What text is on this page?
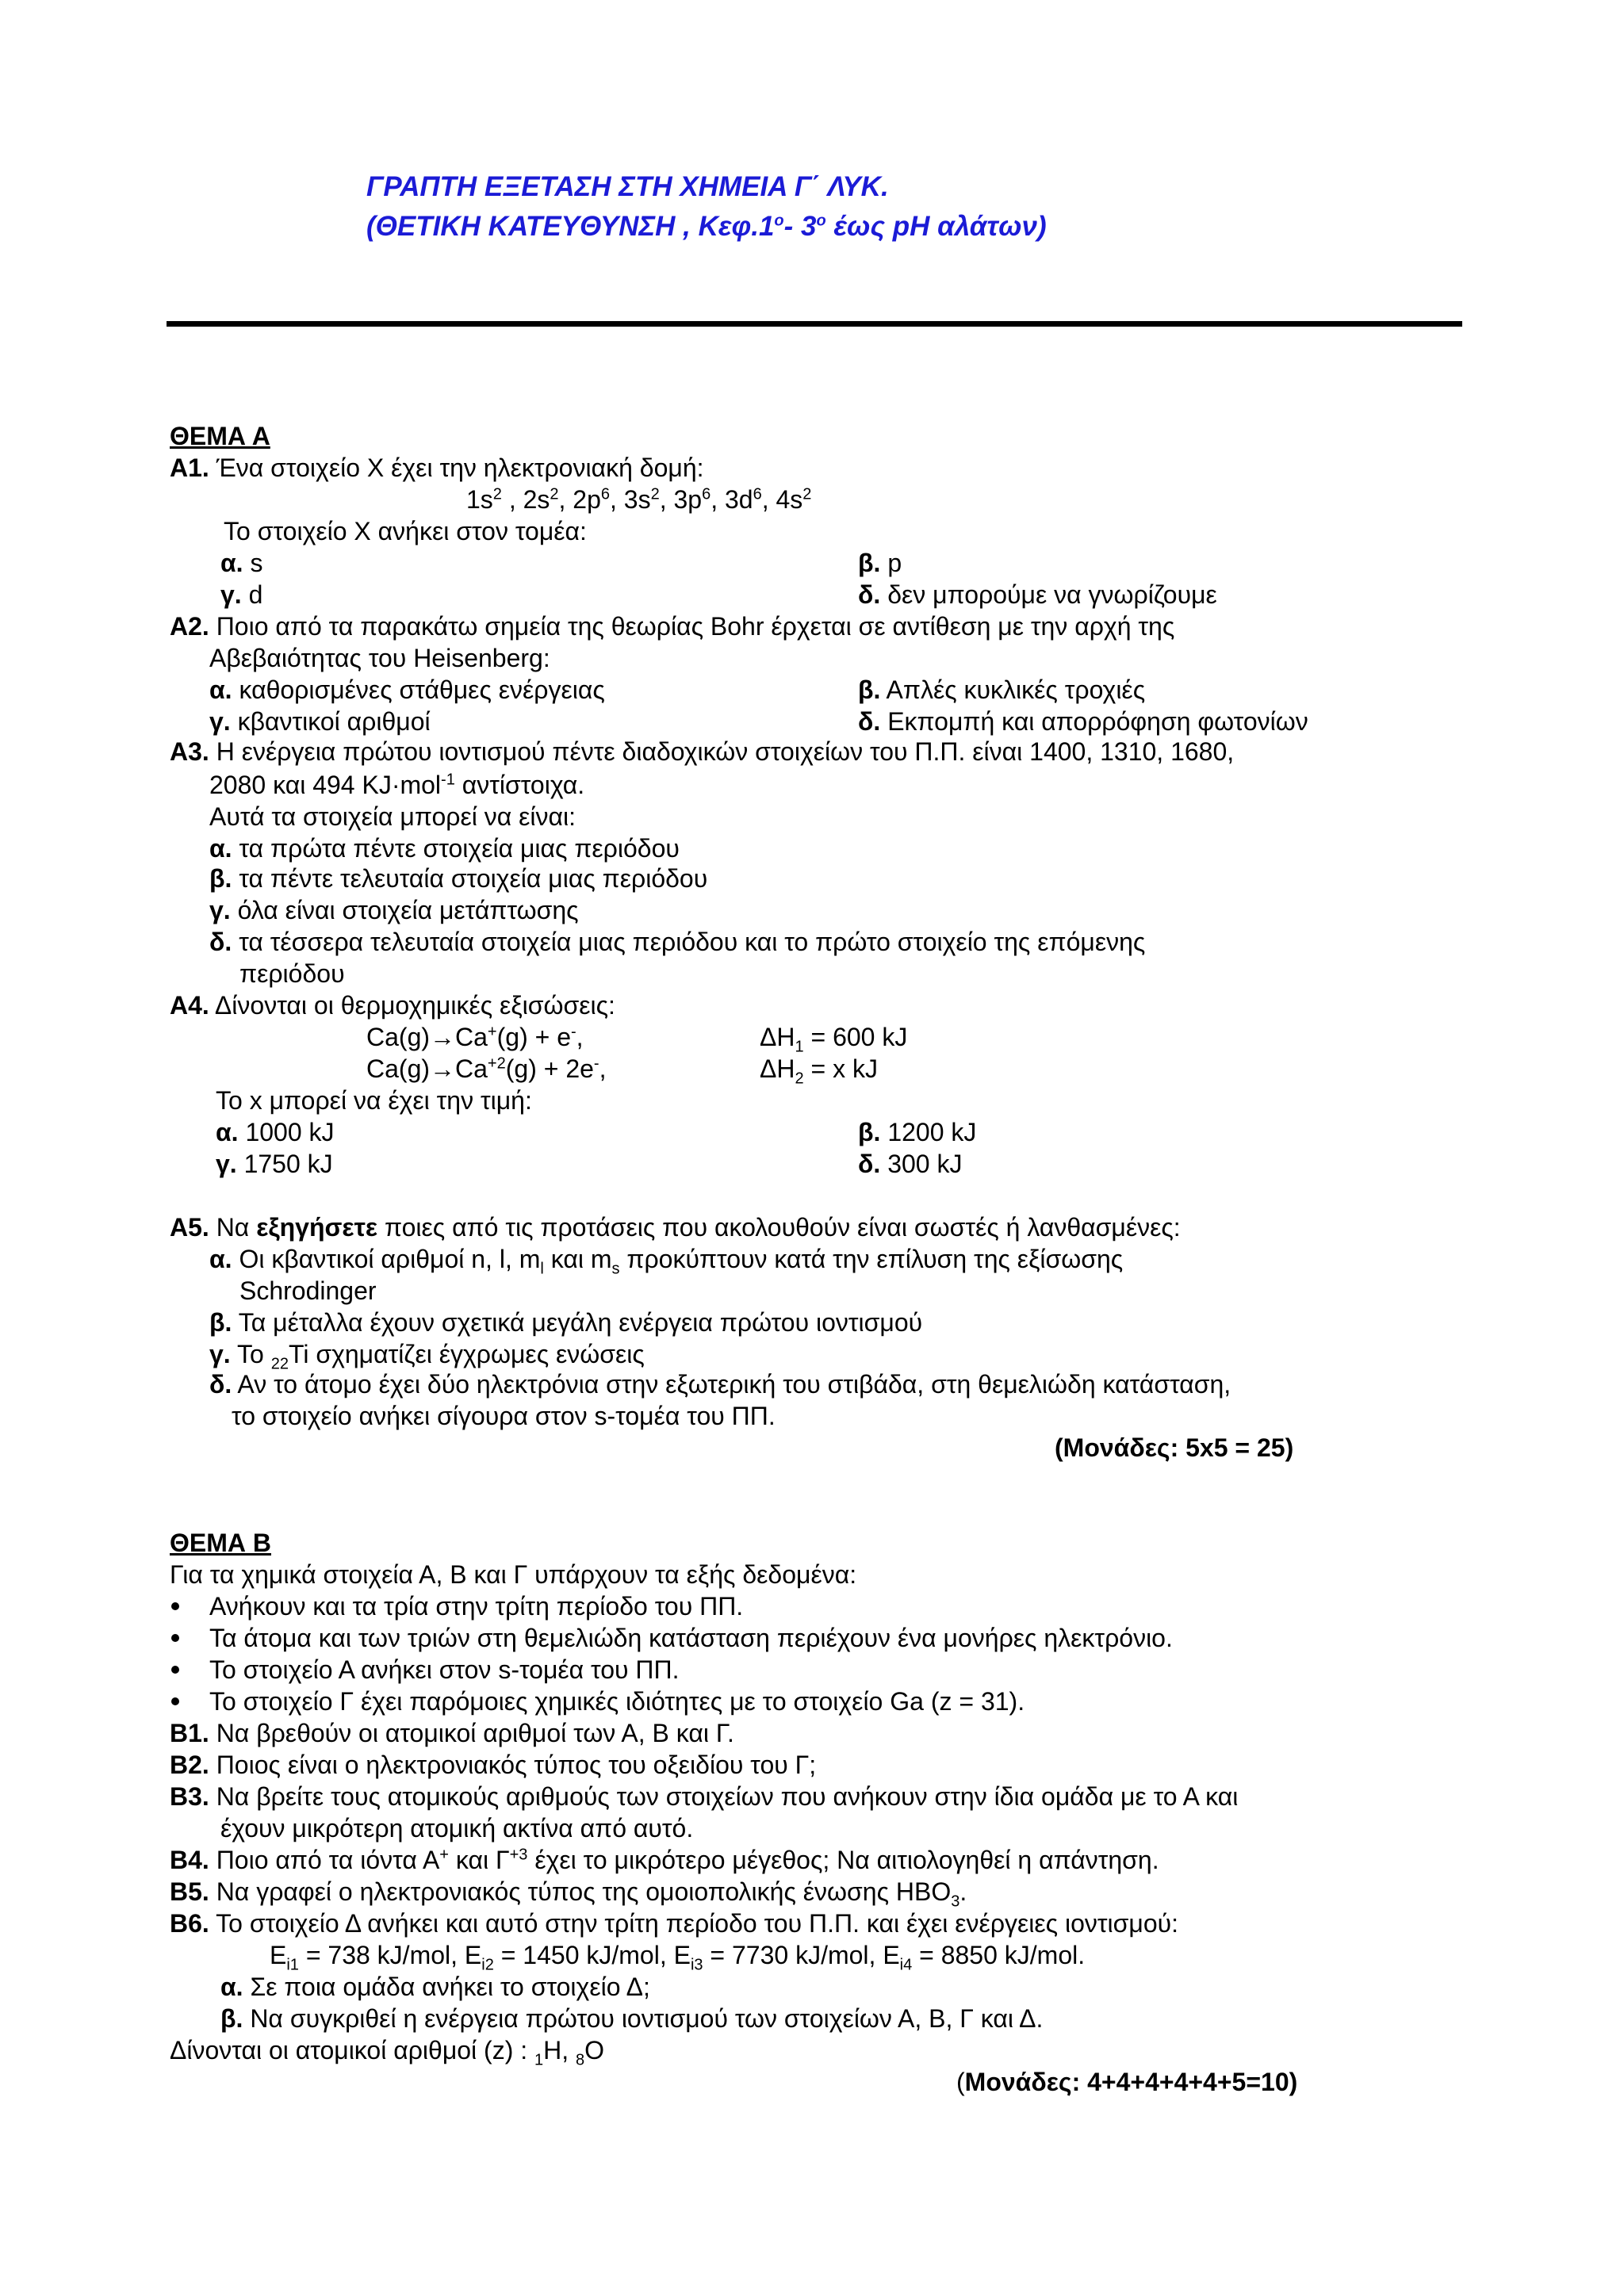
ΓΡΑΠΤΗ ΕΞΕΤΑΣΗ ΣΤΗ ΧΗΜΕΙΑ Γ΄ ΛΥΚ.
(ΘΕΤΙΚΗ ΚΑΤΕΥΘΥΝΣΗ , $K\varepsilon\varphi.1^o-$ $3^o$ έως pH αλάτων)
ΘΕΜΑ Α
Α1. Ένα στοιχείο Χ έχει την ηλεκτρονιακή δομή:
$1s^2$ , $2s^2$, $2p^6$, $3s^2$, $3p^6$, $3d^6$, $4s^2$
Το στοιχείο Χ ανήκει στον τομέα:
α. s	β. p
γ. d	δ. δεν μπορούμε να γνωρίζουμε
Α2. Ποιο από τα παρακάτω σημεία της θεωρίας Bohr έρχεται σε αντίθεση με την αρχή της
Αβεβαιότητας του Heisenberg:
α. καθορισμένες στάθμες ενέργειας	β. Απλές κυκλικές τροχιές
γ. κβαντικοί αριθμοί	δ. Εκπομπή και απορρόφηση φωτονίων
Α3. Η ενέργεια πρώτου ιοντισμού πέντε διαδοχικών στοιχείων του Π.Π. είναι 1400, 1310, 1680,
2080 και 494 KJ·mol$^{-1}$ αντίστοιχα.
Αυτά τα στοιχεία μπορεί να είναι:
α. τα πρώτα πέντε στοιχεία μιας περιόδου
β. τα πέντε τελευταία στοιχεία μιας περιόδου
γ. όλα είναι στοιχεία μετάπτωσης
δ. τα τέσσερα τελευταία στοιχεία μιας περιόδου και το πρώτο στοιχείο της επόμενης
περιόδου
Α4. Δίνονται οι θερμοχημικές εξισώσεις:
Ca(g)→Ca+(g) + e-,	$\Delta H_1 = 600$ kJ
$Ca(g)\to Ca^{+2}(g) + 2e^-$,	$\Delta H_2 = x$ kJ
Το x μπορεί να έχει την τιμή:
α. 1000 kJ	β. 1200 kJ
γ. 1750 kJ	δ. 300 kJ
Α5. Να εξηγήσετε ποιες από τις προτάσεις που ακολουθούν είναι σωστές ή λανθασμένες:
α. Οι κβαντικοί αριθμοί n, l, $m_l$ και $m_s$ προκύπτουν κατά την επίλυση της εξίσωσης
Schrodinger
β. Τα μέταλλα έχουν σχετικά μεγάλη ενέργεια πρώτου ιοντισμού
γ. Το $_{22}$Ti σχηματίζει έγχρωμες ενώσεις
δ. Αν το άτομο έχει δύο ηλεκτρόνια στην εξωτερική του στιβάδα, στη θεμελιώδη κατάσταση,
το στοιχείο ανήκει σίγουρα στον s-τομέα του ΠΠ.
(Μονάδες: 5x5 = 25)
ΘΕΜΑ Β
Για τα χημικά στοιχεία Α, Β και Γ υπάρχουν τα εξής δεδομένα:
Ανήκουν και τα τρία στην τρίτη περίοδο του ΠΠ.
Τα άτομα και των τριών στη θεμελιώδη κατάσταση περιέχουν ένα μονήρες ηλεκτρόνιο.
Το στοιχείο Α ανήκει στον s-τομέα του ΠΠ.
Το στοιχείο Γ έχει παρόμοιες χημικές ιδιότητες με το στοιχείο Ga (z = 31).
Β1. Να βρεθούν οι ατομικοί αριθμοί των Α, Β και Γ.
Β2. Ποιος είναι ο ηλεκτρονιακός τύπος του οξειδίου του Γ;
Β3. Να βρείτε τους ατομικούς αριθμούς των στοιχείων που ανήκουν στην ίδια ομάδα με το Α και
έχουν μικρότερη ατομική ακτίνα από αυτό.
Β4. Ποιο από τα ιόντα Α+ και $\Gamma^{+3}$ έχει το μικρότερο μέγεθος; Να αιτιολογηθεί η απάντηση.
Β5. Να γραφεί ο ηλεκτρονιακός τύπος της ομοιοπολικής ένωσης $HBO_3$.
Β6. Το στοιχείο Δ ανήκει και αυτό στην τρίτη περίοδο του Π.Π. και έχει ενέργειες ιοντισμού:
$E_{i1} = 738$ kJ/mol, $E_{i2} = 1450$ kJ/mol, $E_{i3} = 7730$ kJ/mol, $E_{i4} = 8850$ kJ/mol.
α. Σε ποια ομάδα ανήκει το στοιχείο Δ;
β. Να συγκριθεί η ενέργεια πρώτου ιοντισμού των στοιχείων Α, Β, Γ και Δ.
Δίνονται οι ατομικοί αριθμοί (z) : $_1$H, $_8$O
(Μονάδες: 4+4+4+4+4+5=10)
